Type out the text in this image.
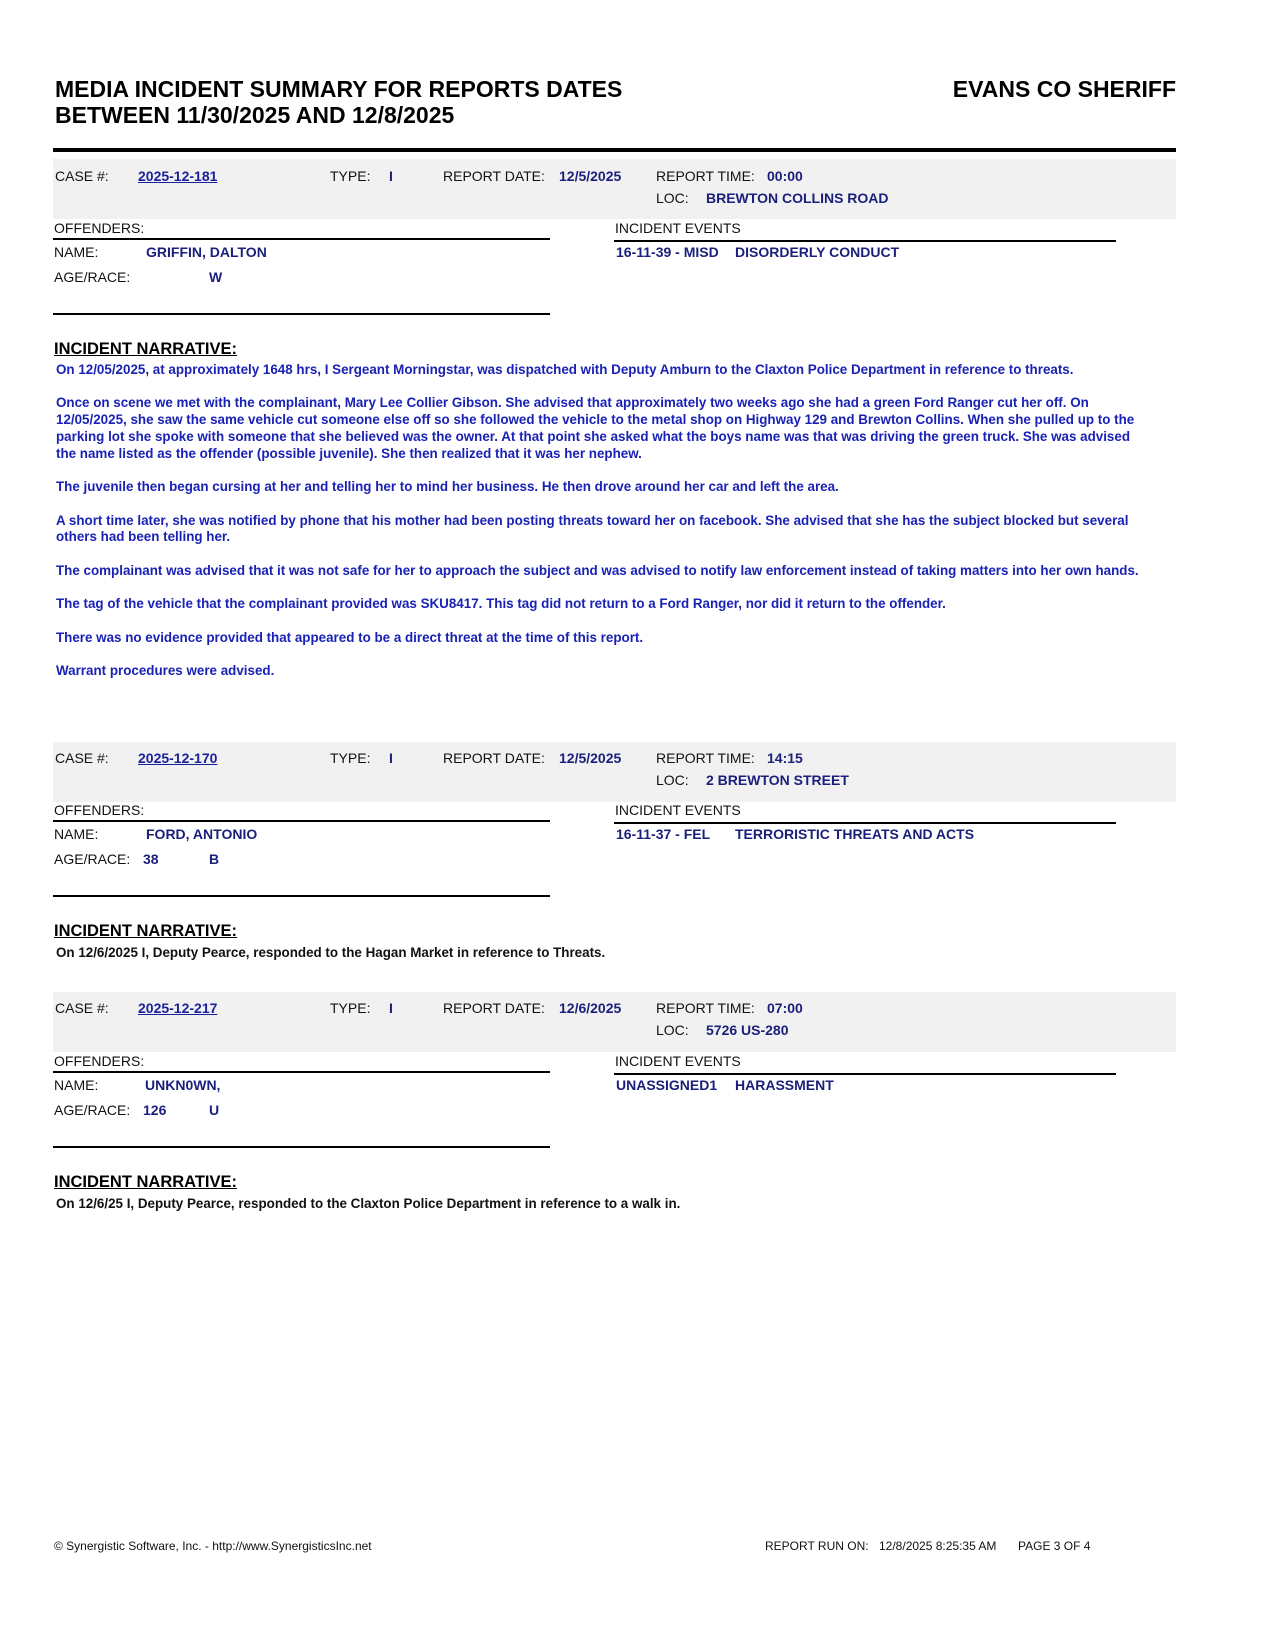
MEDIA INCIDENT SUMMARY FOR REPORTS DATES
BETWEEN 11/30/2025 AND 12/8/2025
EVANS CO SHERIFF
CASE #: 2025-12-181	TYPE: I	REPORT DATE: 12/5/2025 REPORT TIME: 00:00
LOC: BREWTON COLLINS ROAD
OFFENDERS:	INCIDENT EVENTS
NAME:	GRIFFIN, DALTON
AGE/RACE:	W
16-11-39 - MISD DISORDERLY CONDUCT
INCIDENT NARRATIVE:

On 12/05/2025, at approximately 1648 hrs, I Sergeant Morningstar, was dispatched with Deputy Amburn to the Claxton Police Department in reference to threats.

Once on scene we met with the complainant, Mary Lee Collier Gibson. She advised that approximately two weeks ago she had a green Ford Ranger cut her off. On 12/05/2025, she saw the same vehicle cut someone else off so she followed the vehicle to the metal shop on Highway 129 and Brewton Collins. When she pulled up to the parking lot she spoke with someone that she believed was the owner. At that point she asked what the boys name was that was driving the green truck. She was advised the name listed as the offender (possible juvenile). She then realized that it was her nephew.

The juvenile then began cursing at her and telling her to mind her business. He then drove around her car and left the area.

A short time later, she was notified by phone that his mother had been posting threats toward her on facebook. She advised that she has the subject blocked but several others had been telling her.

The complainant was advised that it was not safe for her to approach the subject and was advised to notify law enforcement instead of taking matters into her own hands.

The tag of the vehicle that the complainant provided was SKU8417. This tag did not return to a Ford Ranger, nor did it return to the offender.

There was no evidence provided that appeared to be a direct threat at the time of this report.

Warrant procedures were advised.

CASE #: 2025-12-170	TYPE: I	REPORT DATE: 12/5/2025 REPORT TIME: 14:15
LOC: 2 BREWTON STREET
OFFENDERS:	INCIDENT EVENTS
NAME:	FORD, ANTONIO
AGE/RACE: 38	B
16-11-37 - FEL TERRORISTIC THREATS AND ACTS
INCIDENT NARRATIVE:
On 12/6/2025 I, Deputy Pearce, responded to the Hagan Market in reference to Threats.
CASE #: 2025-12-217	TYPE: I	REPORT DATE: 12/6/2025 REPORT TIME: 07:00
LOC: 5726 US-280
OFFENDERS:	INCIDENT EVENTS
NAME:	UNKN0WN,
AGE/RACE: 126	U
UNASSIGNED1 HARASSMENT
INCIDENT NARRATIVE:
On 12/6/25 I, Deputy Pearce, responded to the Claxton Police Department in reference to a walk in.
© Synergistic Software, Inc. - http://www.SynergisticsInc.net	REPORT RUN ON: 12/8/2025 8:25:35 AM PAGE 3 OF 4
